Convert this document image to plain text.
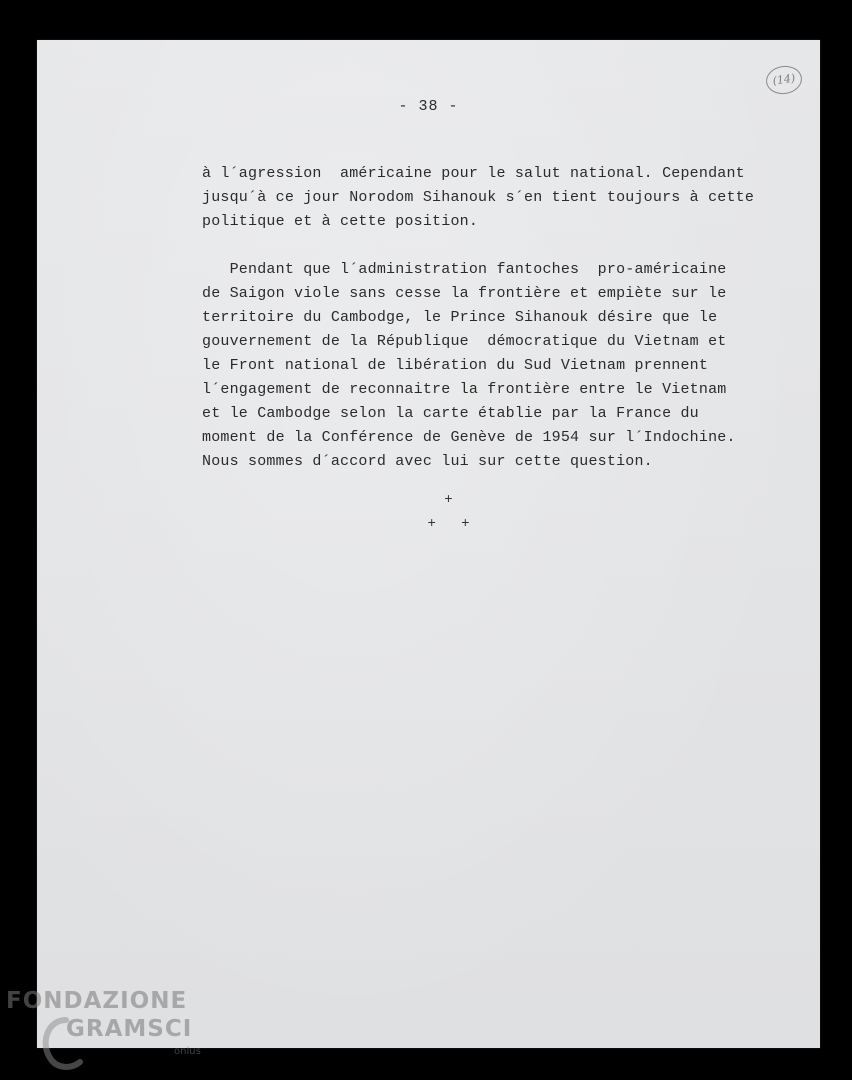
- 38 -
(14)

à l´agression  américaine pour le salut national. Cependant

jusqu´à ce jour Norodom Sihanouk s´en tient toujours à cette

politique et à cette position.

Pendant que l´administration fantoches  pro-américaine

de Saigon viole sans cesse la frontière et empiète sur le

territoire du Cambodge, le Prince Sihanouk désire que le

gouvernement de la République  démocratique du Vietnam et

le Front national de libération du Sud Vietnam prennent

l´engagement de reconnaitre la frontière entre le Vietnam

et le Cambodge selon la carte établie par la France du

moment de la Conférence de Genève de 1954 sur l´Indochine.

Nous sommes d´accord avec lui sur cette question.

+
+   +
FONDAZIONE
GRAMSCI
onlus
